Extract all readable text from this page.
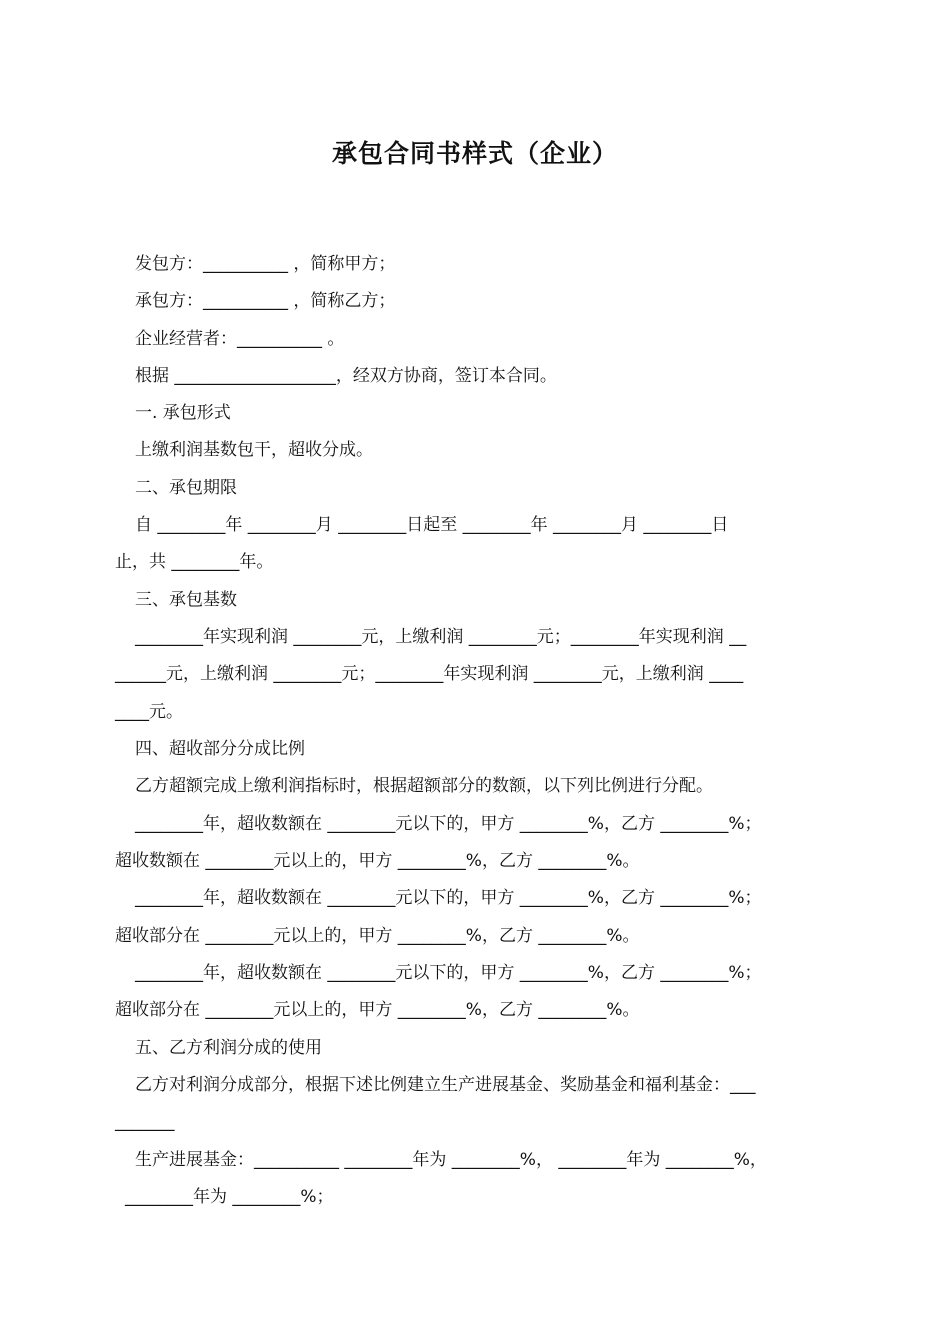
承包合同书样式（企业）
发包方：__________ ，简称甲方；
承包方：__________ ，简称乙方；
企业经营者：__________ 。
根据 ___________________，经双方协商，签订本合同。
一. 承包形式
上缴利润基数包干，超收分成。
二、承包期限
自 ________年 ________月 ________日起至 ________年 ________月 ________日
止，共 ________年。
三、承包基数
________年实现利润 ________元，上缴利润 ________元；________年实现利润 __
______元，上缴利润 ________元；________年实现利润 ________元，上缴利润 ____
____元。
四、超收部分分成比例
乙方超额完成上缴利润指标时，根据超额部分的数额，以下列比例进行分配。
________年，超收数额在 ________元以下的，甲方 ________%，乙方 ________%；
超收数额在 ________元以上的，甲方 ________%，乙方 ________%。
________年，超收数额在 ________元以下的，甲方 ________%，乙方 ________%；
超收部分在 ________元以上的，甲方 ________%，乙方 ________%。
________年，超收数额在 ________元以下的，甲方 ________%，乙方 ________%；
超收部分在 ________元以上的，甲方 ________%，乙方 ________%。
五、乙方利润分成的使用
乙方对利润分成部分，根据下述比例建立生产进展基金、奖励基金和福利基金：___
_______
生产进展基金：__________ ________年为 ________%， ________年为 ________%，
________年为 ________%；
